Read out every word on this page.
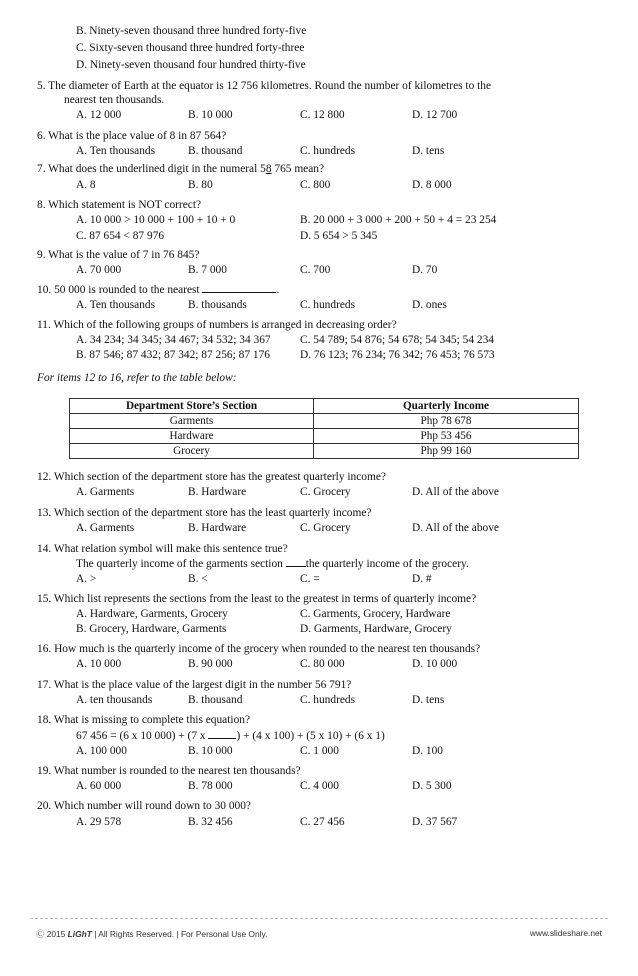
B. Ninety-seven thousand three hundred forty-five
C. Sixty-seven thousand three hundred forty-three
D. Ninety-seven thousand four hundred thirty-five
5. The diameter of Earth at the equator is 12 756 kilometres. Round the number of kilometres to the
nearest ten thousands.
A. 12 000	B. 10 000	C. 12 800	D. 12 700
6. What is the place value of 8 in 87 564?
A. Ten thousands	B. thousand	C. hundreds	D. tens
7. What does the underlined digit in the numeral 58 765 mean?
A. 8	B. 80	C. 800	D. 8 000
8. Which statement is NOT correct?
A. 10 000 > 10 000 + 100 + 10 + 0	B. 20 000 + 3 000 + 200 + 50 + 4 = 23 254
C. 87 654 < 87 976	D. 5 654 > 5 345
9. What is the value of 7 in 76 845?
A. 70 000	B. 7 000	C. 700	D. 70
10. 50 000 is rounded to the nearest	.
A. Ten thousands	B. thousands	C. hundreds	D. ones
11. Which of the following groups of numbers is arranged in decreasing order?
A. 34 234; 34 345; 34 467; 34 532; 34 367	C. 54 789; 54 876; 54 678; 54 345; 54 234
B. 87 546; 87 432; 87 342; 87 256; 87 176	D. 76 123; 76 234; 76 342; 76 453; 76 573
For items 12 to 16, refer to the table below:
Department Store’s Section	Quarterly Income
Garments	Php 78 678
Hardware	Php 53 456
Grocery	Php 99 160
12. Which section of the department store has the greatest quarterly income?
A. Garments	B. Hardware	C. Grocery	D. All of the above
13. Which section of the department store has the least quarterly income?
A. Garments	B. Hardware	C. Grocery	D. All of the above
14. What relation symbol will make this sentence true?
The quarterly income of the garments section the quarterly income of the grocery.
A. >	B. <	C. =	D. #
15. Which list represents the sections from the least to the greatest in terms of quarterly income?
A. Hardware, Garments, Grocery	C. Garments, Grocery, Hardware
B. Grocery, Hardware, Garments	D. Garments, Hardware, Grocery
16. How much is the quarterly income of the grocery when rounded to the nearest ten thousands?
A. 10 000	B. 90 000	C. 80 000	D. 10 000
17. What is the place value of the largest digit in the number 56 791?
A. ten thousands	B. thousand	C. hundreds	D. tens
18. What is missing to complete this equation?
67 456 = (6 x 10 000) + (7 x ) + (4 x 100) + (5 x 10) + (6 x 1)
A. 100 000	B. 10 000	C. 1 000	D. 100
19. What number is rounded to the nearest ten thousands?
A. 60 000	B. 78 000	C. 4 000	D. 5 300
20. Which number will round down to 30 000?
A. 29 578	B. 32 456	C. 27 456	D. 37 567
Ⓒ 2015 LiGhT | All Rights Reserved. | For Personal Use Only.	www.slideshare.net
